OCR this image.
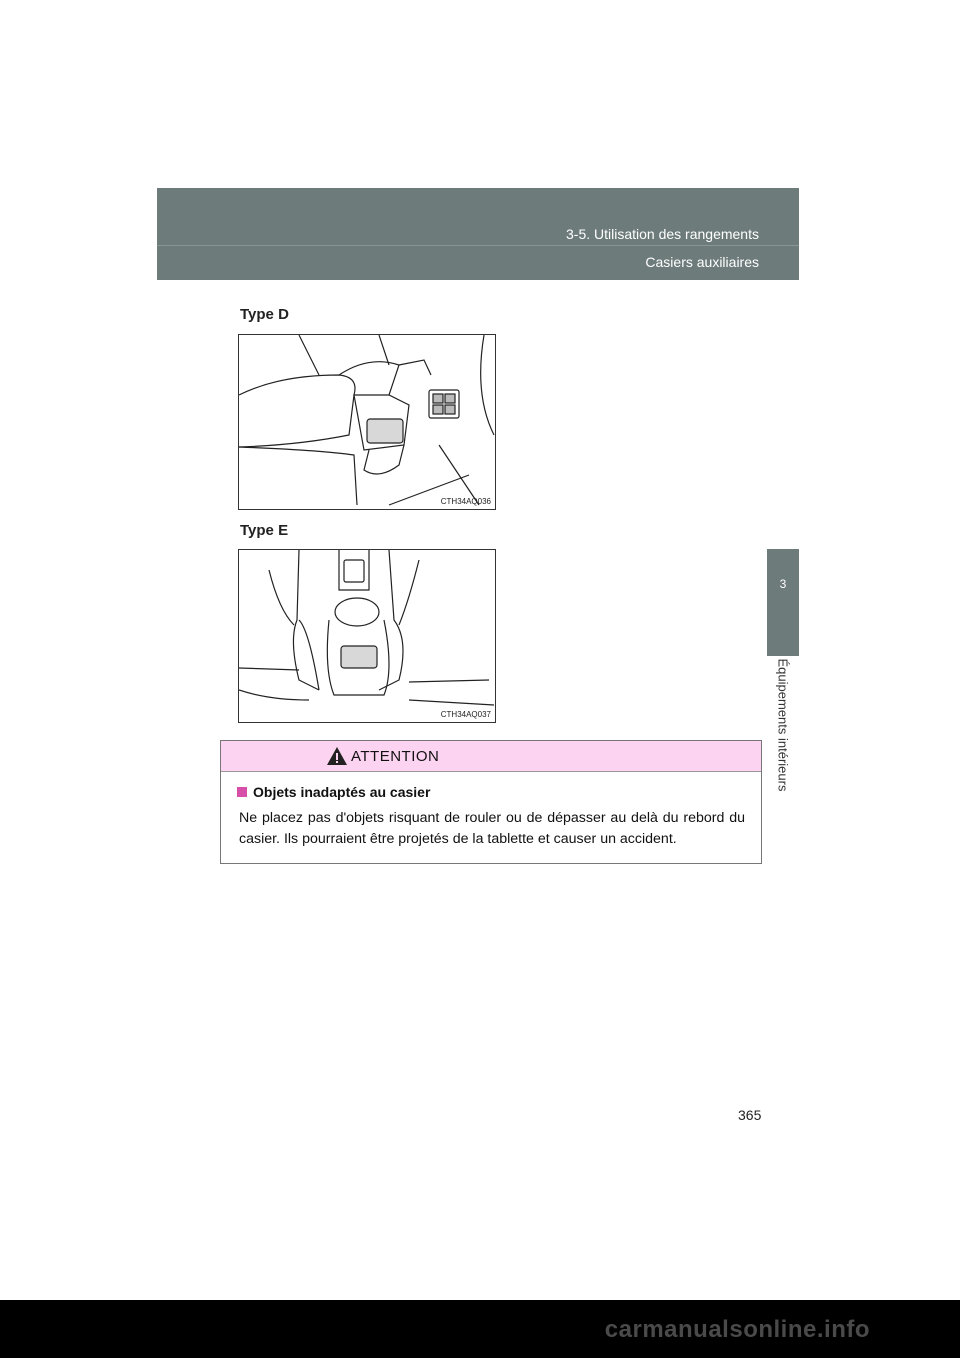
3-5. Utilisation des rangements
Casiers auxiliaires
3
Équipements intérieurs
Type D
CTH34AQ036
Type E
CTH34AQ037
ATTENTION
Objets inadaptés au casier
Ne placez pas d'objets risquant de rouler ou de dépasser au delà du rebord du casier. Ils pourraient être projetés de la tablette et causer un accident.
365
carmanualsonline.info
